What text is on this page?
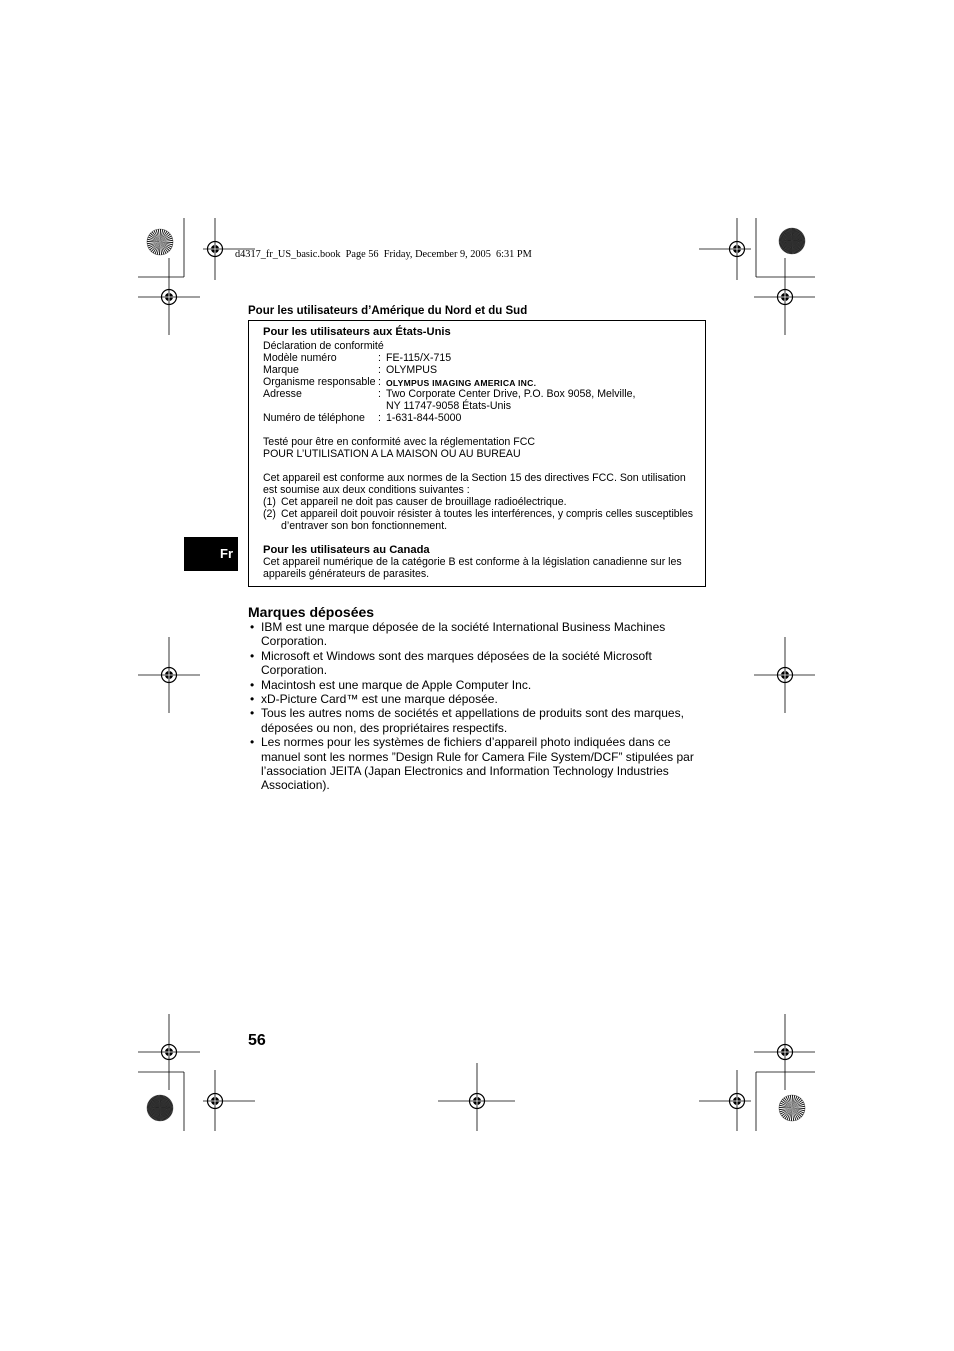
d4317_fr_US_basic.book  Page 56  Friday, December 9, 2005  6:31 PM
Pour les utilisateurs d’Amérique du Nord et du Sud
Pour les utilisateurs aux États-Unis
Déclaration de conformité
Modèle numéro	: FE-115/X-715
Marque	: OLYMPUS
Organisme responsable : OLYMPUS IMAGING AMERICA INC.
Adresse	: Two Corporate Center Drive, P.O. Box 9058, Melville,
NY 11747-9058 États-Unis
Numéro de téléphone : 1-631-844-5000
Testé pour être en conformité avec la réglementation FCC
POUR L’UTILISATION A LA MAISON OU AU BUREAU
Cet appareil est conforme aux normes de la Section 15 des directives FCC. Son utilisation
est soumise aux deux conditions suivantes :
(1) Cet appareil ne doit pas causer de brouillage radioélectrique.
(2) Cet appareil doit pouvoir résister à toutes les interférences, y compris celles susceptibles
d’entraver son bon fonctionnement.
Pour les utilisateurs au Canada
Cet appareil numérique de la catégorie B est conforme à la législation canadienne sur les
appareils générateurs de parasites.
Fr
Marques déposées
• IBM est une marque déposée de la société International Business Machines
Corporation.
• Microsoft et Windows sont des marques déposées de la société Microsoft
Corporation.
• Macintosh est une marque de Apple Computer Inc.
• xD-Picture Card™ est une marque déposée.
• Tous les autres noms de sociétés et appellations de produits sont des marques,
déposées ou non, des propriétaires respectifs.
• Les normes pour les systèmes de fichiers d’appareil photo indiquées dans ce
manuel sont les normes ”Design Rule for Camera File System/DCF” stipulées par
l’association JEITA (Japan Electronics and Information Technology Industries
Association).
56
